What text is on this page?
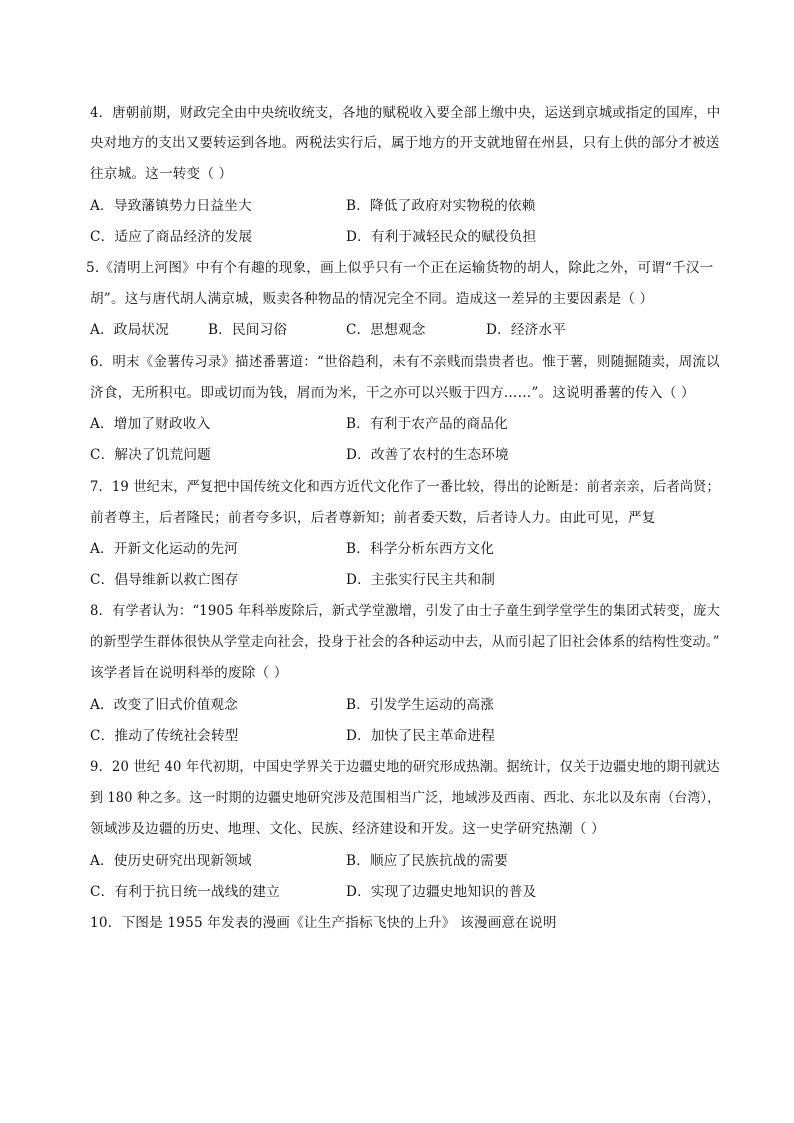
4．唐朝前期，财政完全由中央统收统支，各地的赋税收入要全部上缴中央，运送到京城或指定的国库，中
央对地方的支出又要转运到各地。两税法实行后，属于地方的开支就地留在州县，只有上供的部分才被送
往京城。这一转变（ ）
A．导致藩镇势力日益坐大	B．降低了政府对实物税的依赖
C．适应了商品经济的发展	D．有利于减轻民众的赋役负担
5.《清明上河图》中有个有趣的现象，画上似乎只有一个正在运输货物的胡人，除此之外，可谓“千汉一
胡”。这与唐代胡人满京城，贩卖各种物品的情况完全不同。造成这一差异的主要因素是（ ）
A．政局状况	B．民间习俗	C．思想观念	D．经济水平
6．明末《金薯传习录》描述番薯道：“世俗趋利，未有不亲贱而祟贵者也。惟于薯，则随掘随卖，周流以
济食，无所积屯。即或切而为钱，屑而为米，干之亦可以兴贩于四方……”。这说明番薯的传入（ ）
A．增加了财政收入	B．有利于农产品的商品化
C．解决了饥荒问题	D．改善了农村的生态环境
7．19 世纪末，严复把中国传统文化和西方近代文化作了一番比较，得出的论断是：前者亲亲，后者尚贤；
前者尊主，后者隆民；前者夸多识，后者尊新知；前者委天数，后者诗人力。由此可见，严复
A．开新文化运动的先河	B．科学分析东西方文化
C．倡导维新以救亡图存	D．主张实行民主共和制
8．有学者认为：“1905 年科举废除后，新式学堂激增，引发了由士子童生到学堂学生的集团式转变，庞大
的新型学生群体很快从学堂走向社会，投身于社会的各种运动中去，从而引起了旧社会体系的结构性变动。”
该学者旨在说明科举的废除（ ）
A．改变了旧式价值观念	B．引发学生运动的高涨
C．推动了传统社会转型	D．加快了民主革命进程
9．20 世纪 40 年代初期，中国史学界关于边疆史地的研究形成热潮。据统计，仅关于边疆史地的期刊就达
到 180 种之多。这一时期的边疆史地研究涉及范围相当广泛，地域涉及西南、西北、东北以及东南（台湾），
领域涉及边疆的历史、地理、文化、民族、经济建设和开发。这一史学研究热潮（ ）
A．使历史研究出现新领域	B．顺应了民族抗战的需要
C．有利于抗日统一战线的建立	D．实现了边疆史地知识的普及
10．下图是 1955 年发表的漫画《让生产指标飞快的上升》 该漫画意在说明
